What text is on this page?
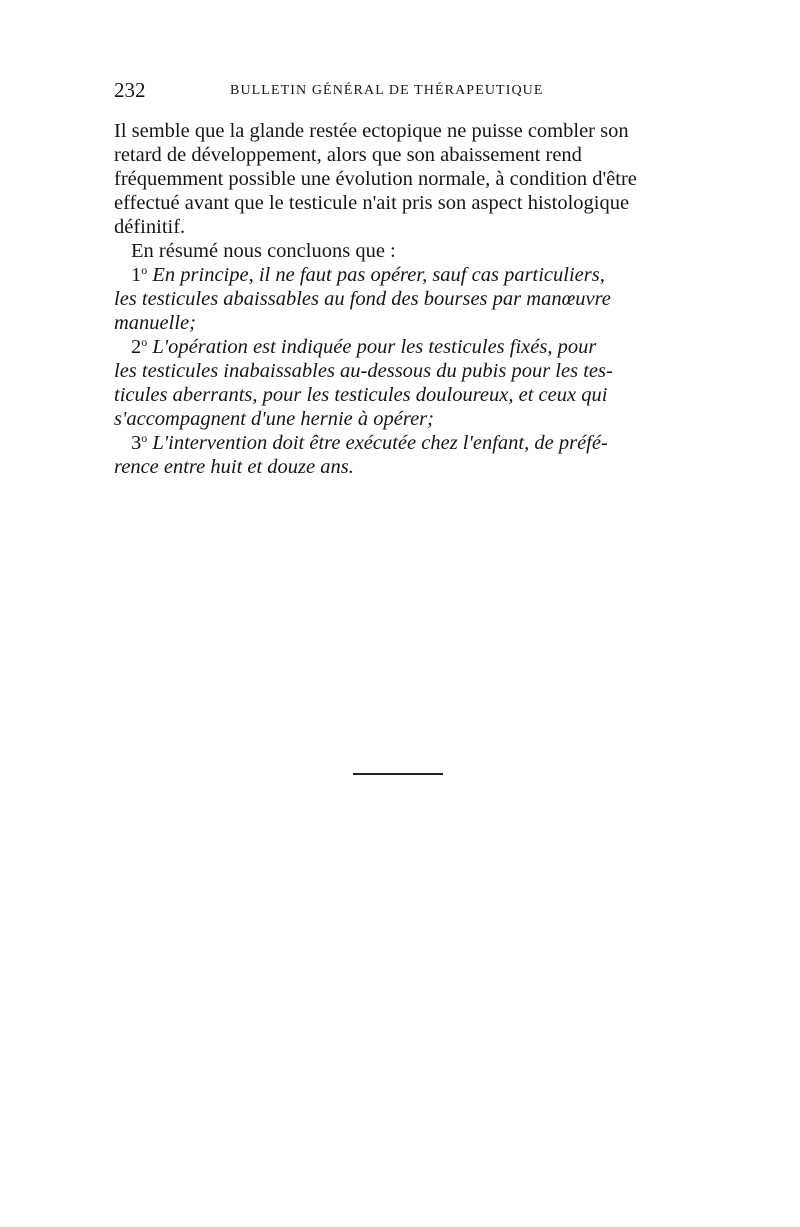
232	BULLETIN GÉNÉRAL DE THÉRAPEUTIQUE

Il semble que la glande restée ectopique ne puisse combler son
retard de développement, alors que son abaissement rend
fréquemment possible une évolution normale, à condition d'être
effectué avant que le testicule n'ait pris son aspect histologique
définitif.

En résumé nous concluons que :

1$^o$ En principe, il ne faut pas opérer, sauf cas particuliers,
les testicules abaissables au fond des bourses par manœuvre
manuelle;

2$^o$ L'opération est indiquée pour les testicules fixés, pour
les testicules inabaissables au-dessous du pubis pour les tes-
ticules aberrants, pour les testicules douloureux, et ceux qui
s'accompagnent d'une hernie à opérer;

3$^o$ L'intervention doit être exécutée chez l'enfant, de préfé-
rence entre huit et douze ans.
